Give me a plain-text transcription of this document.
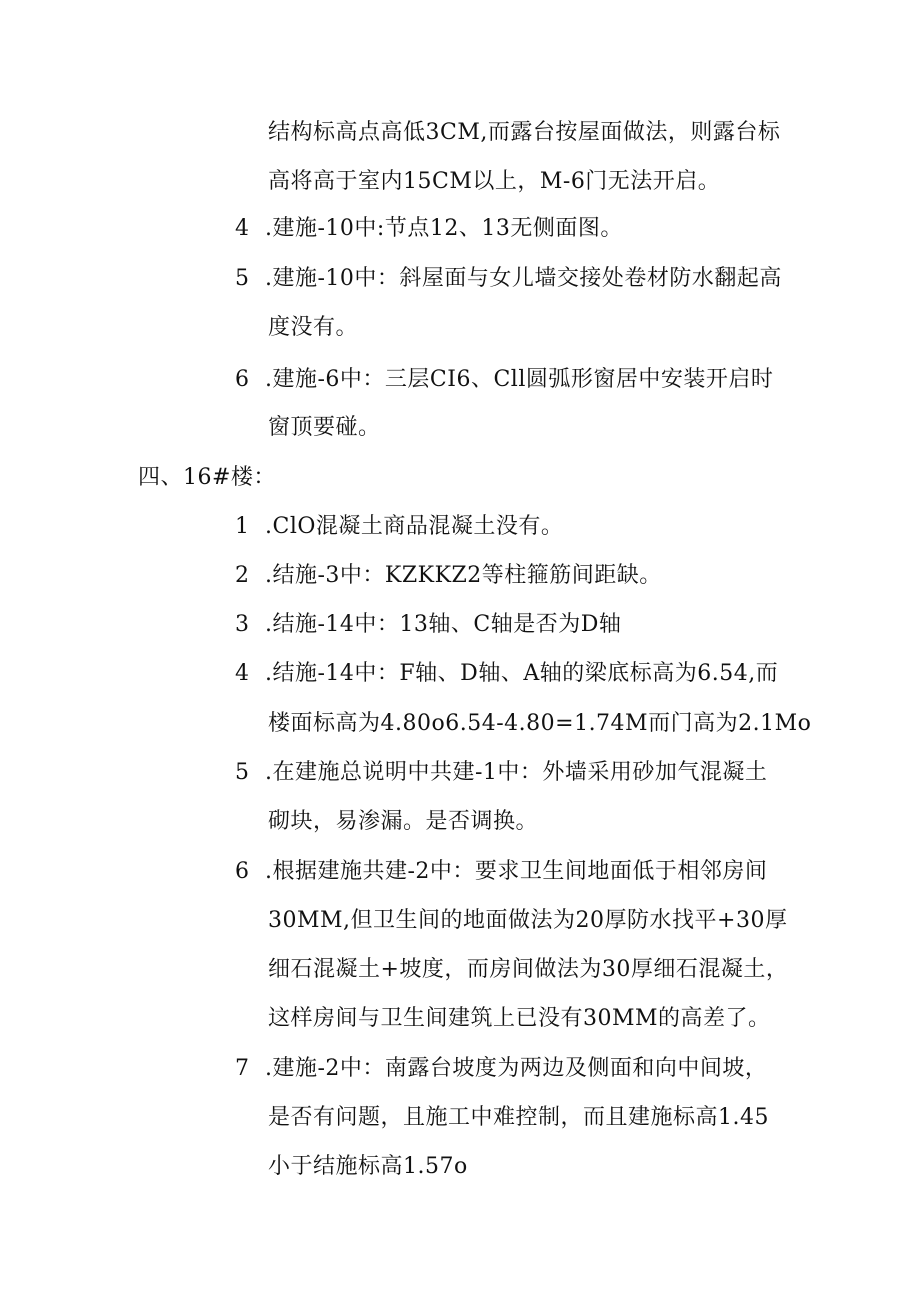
结构标高点高低3CM,而露台按屋面做法，则露台标
高将高于室内15CM以上，M-6门无法开启。
4 .建施-10中:节点12、13无侧面图。
5 .建施-10中：斜屋面与女儿墙交接处卷材防水翻起高
度没有。
6 .建施-6中：三层CI6、Cll圆弧形窗居中安装开启时
窗顶要碰。
四、16#楼：
1 .ClO混凝土商品混凝土没有。
2 .结施-3中：KZKKZ2等柱箍筋间距缺。
3 .结施-14中：13轴、C轴是否为D轴
4 .结施-14中：F轴、D轴、A轴的梁底标高为6.54,而
楼面标高为4.80o6.54-4.80=1.74M而门高为2.1Mo
5 .在建施总说明中共建-1中：外墙采用砂加气混凝土
砌块，易渗漏。是否调换。
6 .根据建施共建-2中：要求卫生间地面低于相邻房间
30MM,但卫生间的地面做法为20厚防水找平+30厚
细石混凝土+坡度，而房间做法为30厚细石混凝土，
这样房间与卫生间建筑上已没有30MM的高差了。
7 .建施-2中：南露台坡度为两边及侧面和向中间坡，
是否有问题，且施工中难控制，而且建施标高1.45
小于结施标高1.57o
